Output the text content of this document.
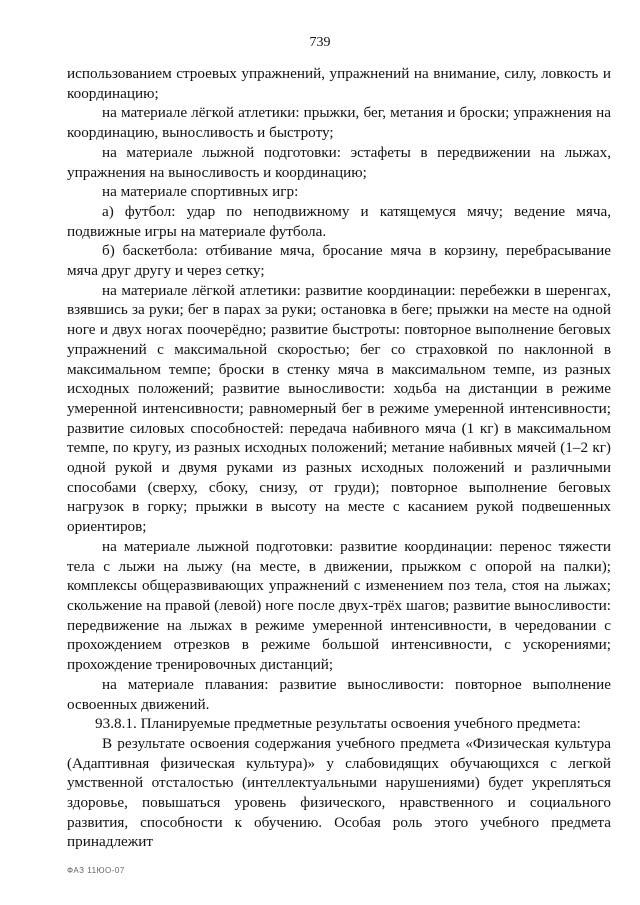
739

использованием строевых упражнений, упражнений на внимание, силу, ловкость и координацию;

на материале лёгкой атлетики: прыжки, бег, метания и броски; упражнения на координацию, выносливость и быстроту;

на материале лыжной подготовки: эстафеты в передвижении на лыжах, упражнения на выносливость и координацию;

на материале спортивных игр:

а) футбол: удар по неподвижному и катящемуся мячу; ведение мяча, подвижные игры на материале футбола.

б) баскетбола: отбивание мяча, бросание мяча в корзину, перебрасывание мяча друг другу и через сетку;

на материале лёгкой атлетики: развитие координации: перебежки в шеренгах, взявшись за руки; бег в парах за руки; остановка в беге; прыжки на месте на одной ноге и двух ногах поочерёдно; развитие быстроты: повторное выполнение беговых упражнений с максимальной скоростью; бег со страховкой по наклонной в максимальном темпе; броски в стенку мяча в максимальном темпе, из разных исходных положений; развитие выносливости: ходьба на дистанции в режиме умеренной интенсивности; равномерный бег в режиме умеренной интенсивности; развитие силовых способностей: передача набивного мяча (1 кг) в максимальном темпе, по кругу, из разных исходных положений; метание набивных мячей (1–2 кг) одной рукой и двумя руками из разных исходных положений и различными способами (сверху, сбоку, снизу, от груди); повторное выполнение беговых нагрузок в горку; прыжки в высоту на месте с касанием рукой подвешенных ориентиров;

на материале лыжной подготовки: развитие координации: перенос тяжести тела с лыжи на лыжу (на месте, в движении, прыжком с опорой на палки); комплексы общеразвивающих упражнений с изменением поз тела, стоя на лыжах; скольжение на правой (левой) ноге после двух-трёх шагов; развитие выносливости: передвижение на лыжах в режиме умеренной интенсивности, в чередовании с прохождением отрезков в режиме большой интенсивности, с ускорениями; прохождение тренировочных дистанций;

на материале плавания: развитие выносливости: повторное выполнение освоенных движений.

93.8.1. Планируемые предметные результаты освоения учебного предмета:

В результате освоения содержания учебного предмета «Физическая культура (Адаптивная физическая культура)» у слабовидящих обучающихся с легкой умственной отсталостью (интеллектуальными нарушениями) будет укрепляться здоровье, повышаться уровень физического, нравственного и социального развития, способности к обучению. Особая роль этого учебного предмета принадлежит

ФАЗ 11ЮО-07
